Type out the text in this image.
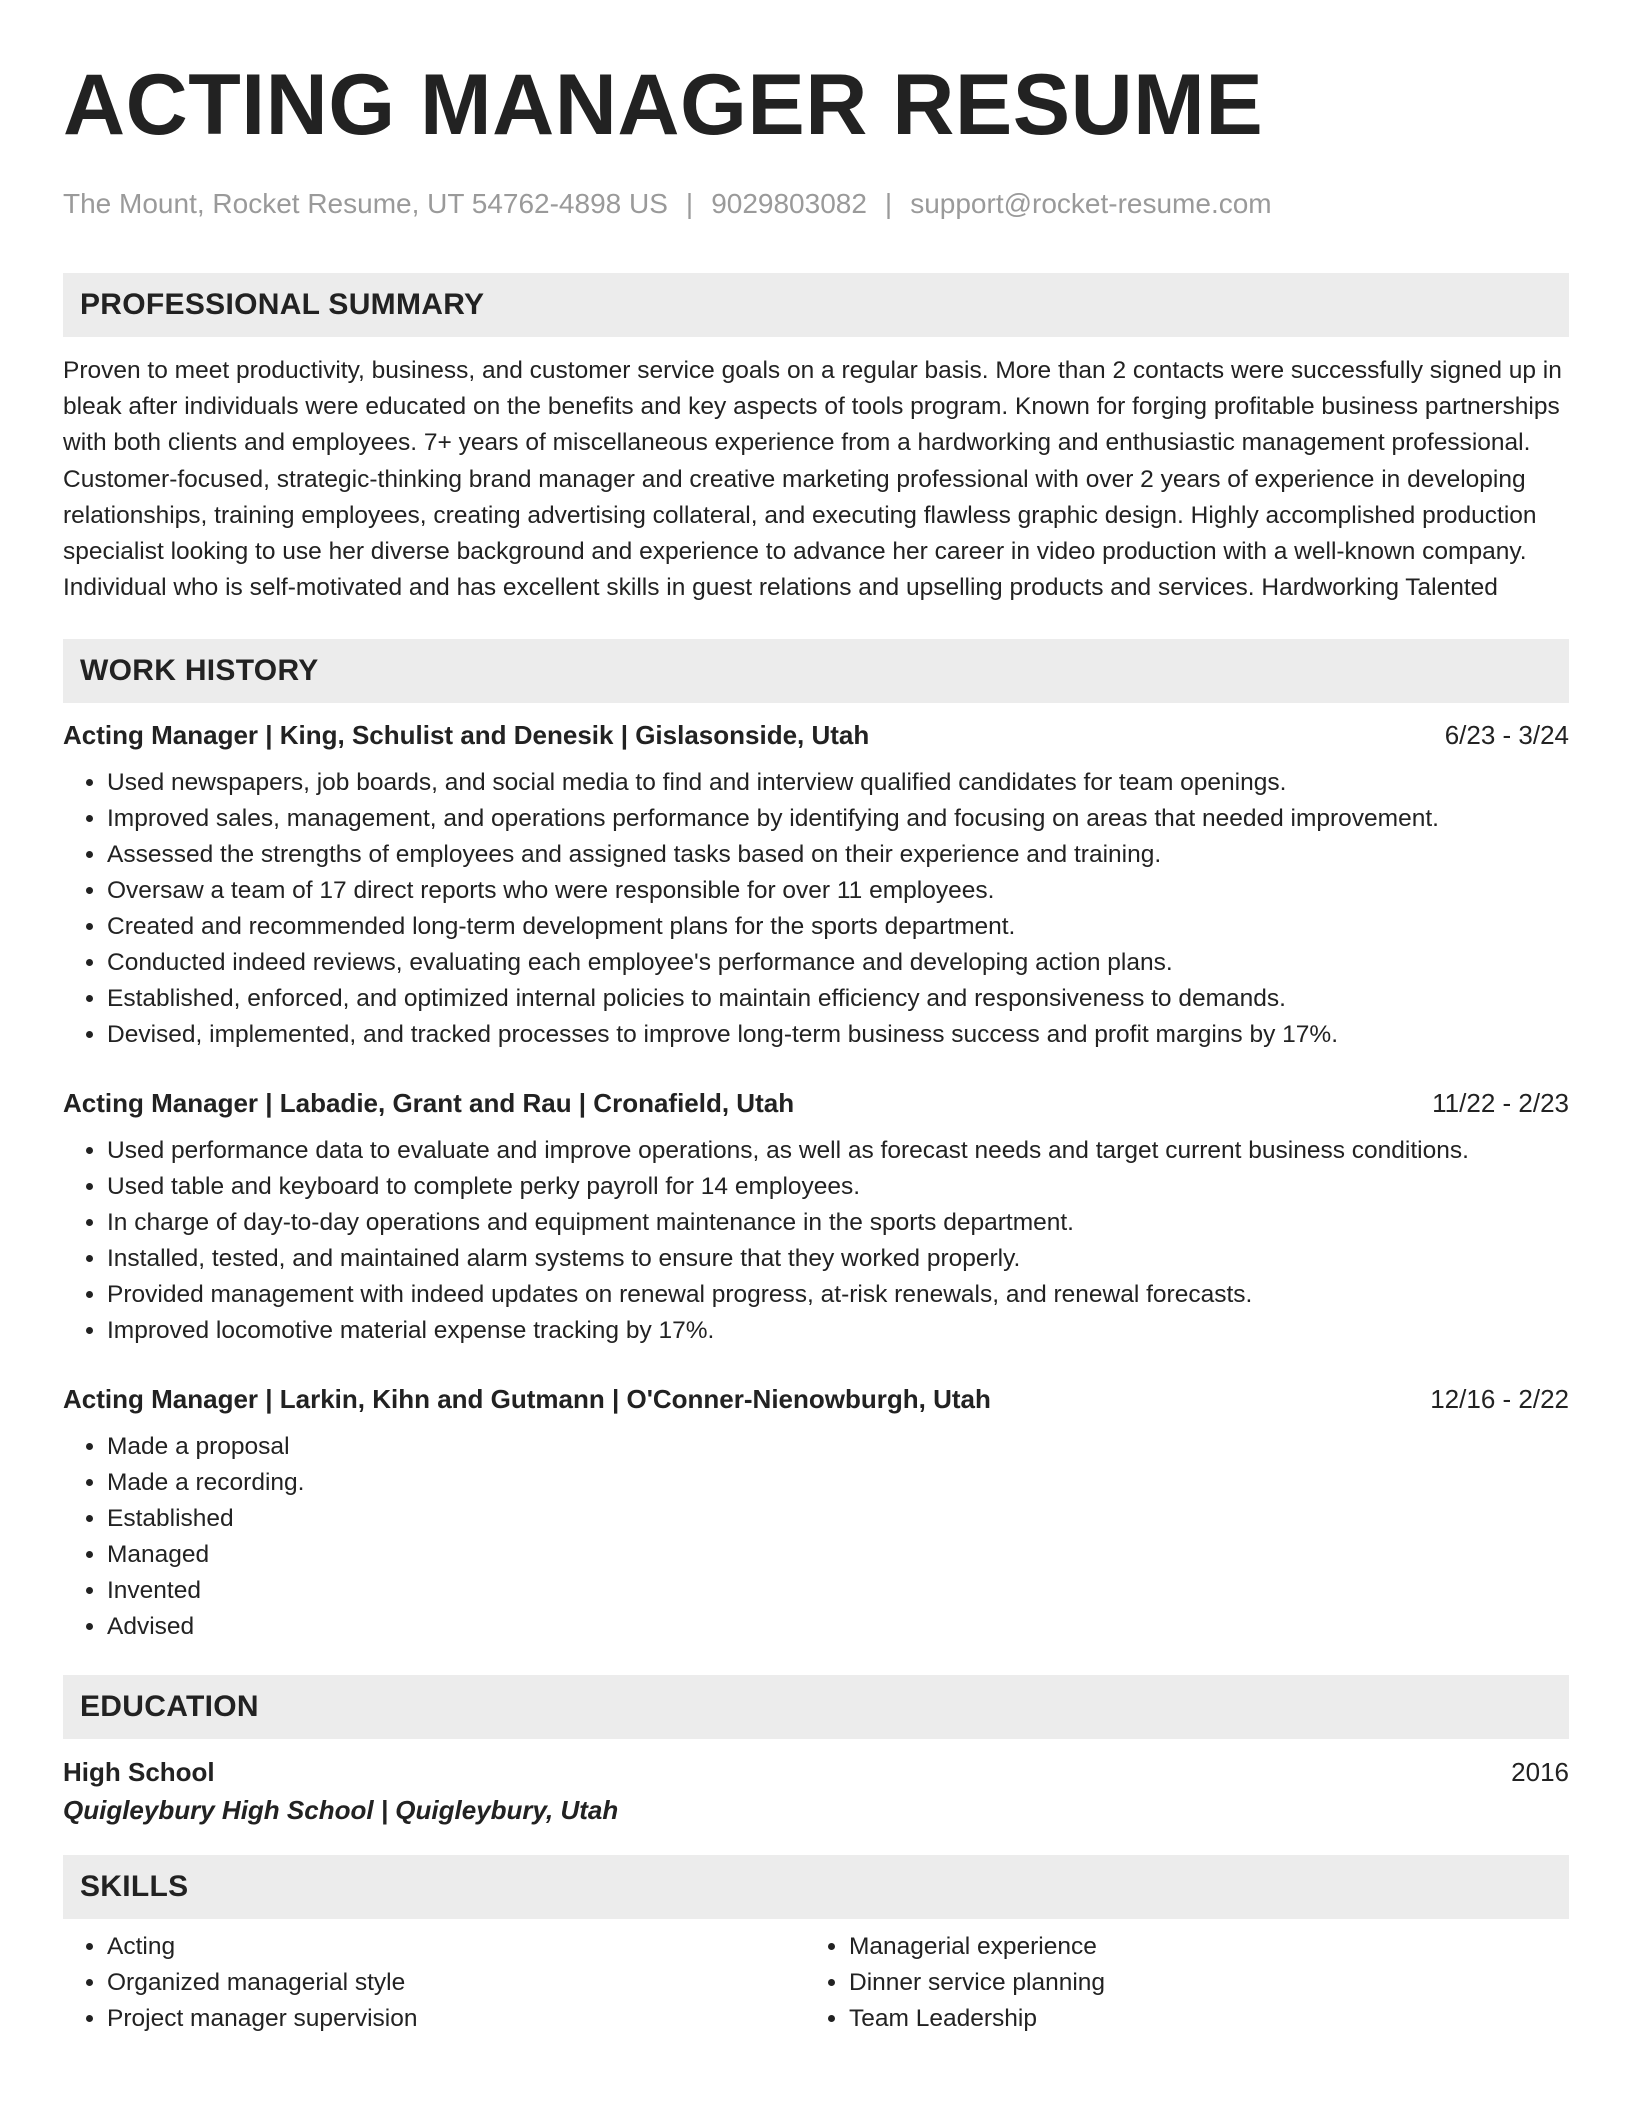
ACTING MANAGER RESUME
The Mount, Rocket Resume, UT 54762-4898 US | 9029803082 | support@rocket-resume.com
PROFESSIONAL SUMMARY
Proven to meet productivity, business, and customer service goals on a regular basis. More than 2 contacts were successfully signed up in bleak after individuals were educated on the benefits and key aspects of tools program. Known for forging profitable business partnerships with both clients and employees. 7+ years of miscellaneous experience from a hardworking and enthusiastic management professional. Customer-focused, strategic-thinking brand manager and creative marketing professional with over 2 years of experience in developing relationships, training employees, creating advertising collateral, and executing flawless graphic design. Highly accomplished production specialist looking to use her diverse background and experience to advance her career in video production with a well-known company. Individual who is self-motivated and has excellent skills in guest relations and upselling products and services. Hardworking Talented
WORK HISTORY
Acting Manager | King, Schulist and Denesik | Gislasonside, Utah	6/23 - 3/24
• Used newspapers, job boards, and social media to find and interview qualified candidates for team openings.
• Improved sales, management, and operations performance by identifying and focusing on areas that needed improvement.
• Assessed the strengths of employees and assigned tasks based on their experience and training.
• Oversaw a team of 17 direct reports who were responsible for over 11 employees.
• Created and recommended long-term development plans for the sports department.
• Conducted indeed reviews, evaluating each employee's performance and developing action plans.
• Established, enforced, and optimized internal policies to maintain efficiency and responsiveness to demands.
• Devised, implemented, and tracked processes to improve long-term business success and profit margins by 17%.
Acting Manager | Labadie, Grant and Rau | Cronafield, Utah	11/22 - 2/23
• Used performance data to evaluate and improve operations, as well as forecast needs and target current business conditions.
• Used table and keyboard to complete perky payroll for 14 employees.
• In charge of day-to-day operations and equipment maintenance in the sports department.
• Installed, tested, and maintained alarm systems to ensure that they worked properly.
• Provided management with indeed updates on renewal progress, at-risk renewals, and renewal forecasts.
• Improved locomotive material expense tracking by 17%.
Acting Manager | Larkin, Kihn and Gutmann | O'Conner-Nienowburgh, Utah	12/16 - 2/22
• Made a proposal
• Made a recording.
• Established
• Managed
• Invented
• Advised
EDUCATION
High School	2016
Quigleybury High School | Quigleybury, Utah
SKILLS
• Acting
• Organized managerial style
• Project manager supervision
• Managerial experience
• Dinner service planning
• Team Leadership
